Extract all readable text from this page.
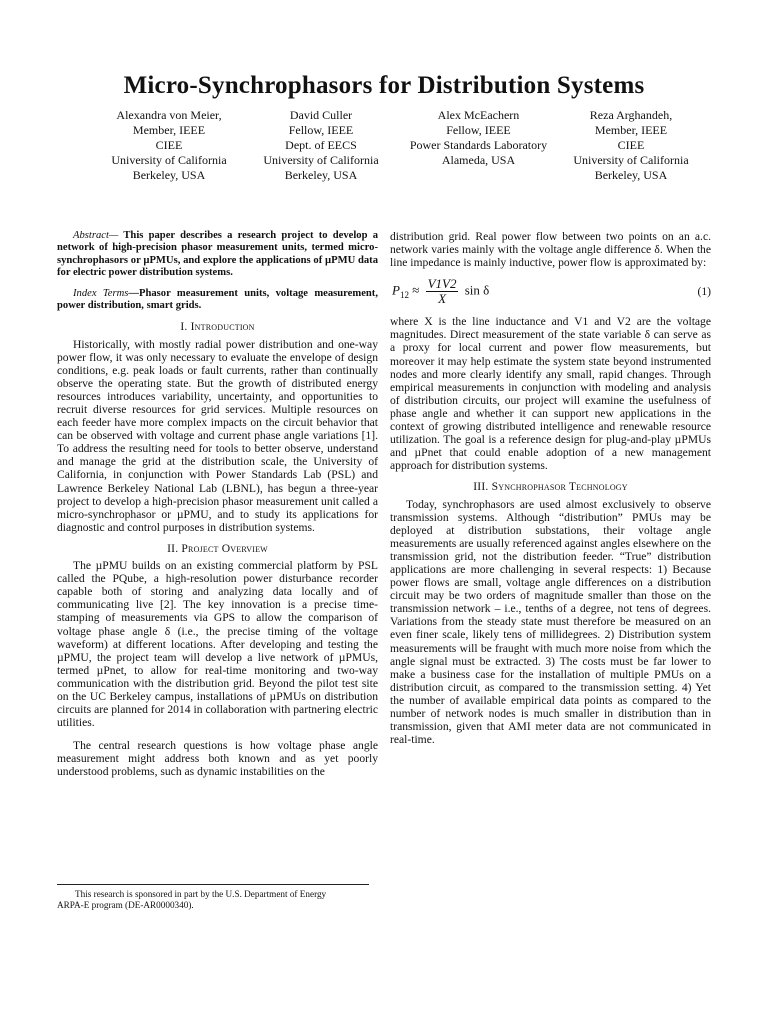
Micro-Synchrophasors for Distribution Systems
Alexandra von Meier,
Member, IEEE
CIEE
University of California
Berkeley, USA
David Culler
Fellow, IEEE
Dept. of EECS
University of California
Berkeley, USA
Alex McEachern
Fellow, IEEE
Power Standards Laboratory
Alameda, USA
Reza Arghandeh,
Member, IEEE
CIEE
University of California
Berkeley, USA

Abstract— This paper describes a research project to develop a network of high-precision phasor measurement units, termed micro-synchrophasors or µPMUs, and explore the applications of µPMU data for electric power distribution systems.

Index Terms—Phasor measurement units, voltage measurement, power distribution, smart grids.

I. Introduction

Historically, with mostly radial power distribution and one-way power flow, it was only necessary to evaluate the envelope of design conditions, e.g. peak loads or fault currents, rather than continually observe the operating state. But the growth of distributed energy resources introduces variability, uncertainty, and opportunities to recruit diverse resources for grid services. Multiple resources on each feeder have more complex impacts on the circuit behavior that can be observed with voltage and current phase angle variations [1]. To address the resulting need for tools to better observe, understand and manage the grid at the distribution scale, the University of California, in conjunction with Power Standards Lab (PSL) and Lawrence Berkeley National Lab (LBNL), has begun a three-year project to develop a high-precision phasor measurement unit called a micro-synchrophasor or µPMU, and to study its applications for diagnostic and control purposes in distribution systems.

II. Project Overview

The µPMU builds on an existing commercial platform by PSL called the PQube, a high-resolution power disturbance recorder capable both of storing and analyzing data locally and of communicating live [2]. The key innovation is a precise time-stamping of measurements via GPS to allow the comparison of voltage phase angle δ (i.e., the precise timing of the voltage waveform) at different locations. After developing and testing the µPMU, the project team will develop a live network of µPMUs, termed µPnet, to allow for real-time monitoring and two-way communication with the distribution grid. Beyond the pilot test site on the UC Berkeley campus, installations of µPMUs on distribution circuits are planned for 2014 in collaboration with partnering electric utilities.

The central research questions is how voltage phase angle measurement might address both known and as yet poorly understood problems, such as dynamic instabilities on the

distribution grid. Real power flow between two points on an a.c. network varies mainly with the voltage angle difference δ. When the line impedance is mainly inductive, power flow is approximated by:

$P_{12} \approx \frac{V1V2}{X}$ sin δ	(1)

where X is the line inductance and V1 and V2 are the voltage magnitudes. Direct measurement of the state variable δ can serve as a proxy for local current and power flow measurements, but moreover it may help estimate the system state beyond instrumented nodes and more clearly identify any small, rapid changes. Through empirical measurements in conjunction with modeling and analysis of distribution circuits, our project will examine the usefulness of phase angle and whether it can support new applications in the context of growing distributed intelligence and renewable resource utilization. The goal is a reference design for plug-and-play µPMUs and µPnet that could enable adoption of a new management approach for distribution systems.

III. Synchrophasor Technology

Today, synchrophasors are used almost exclusively to observe transmission systems. Although “distribution” PMUs may be deployed at distribution substations, their voltage angle measurements are usually referenced against angles elsewhere on the transmission grid, not the distribution feeder. “True” distribution applications are more challenging in several respects: 1) Because power flows are small, voltage angle differences on a distribution circuit may be two orders of magnitude smaller than those on the transmission network – i.e., tenths of a degree, not tens of degrees. Variations from the steady state must therefore be measured on an even finer scale, likely tens of millidegrees. 2) Distribution system measurements will be fraught with much more noise from which the angle signal must be extracted. 3) The costs must be far lower to make a business case for the installation of multiple PMUs on a distribution circuit, as compared to the transmission setting. 4) Yet the number of available empirical data points as compared to the number of network nodes is much smaller in distribution than in transmission, given that AMI meter data are not communicated in real-time.

This research is sponsored in part by the U.S. Department of Energy
ARPA-E program (DE-AR0000340).
